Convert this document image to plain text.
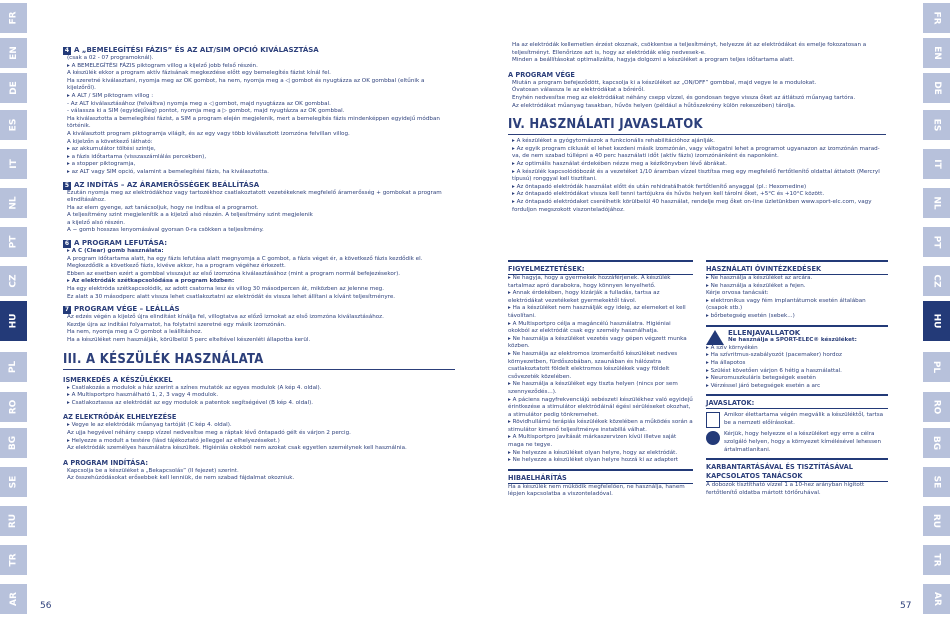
FR
EN
DE
ES
IT
NL
PT
CZ
HU
PL
RO
BG
SE
RU
TR
AR
FR
EN
DE
ES
IT
NL
PT
CZ
HU
PL
RO
BG
SE
RU
TR
AR
56	57
4 A „BEMELEGÍTÉSI FÁZIS” ÉS AZ ALT/SIM OPCIÓ KIVÁLASZTÁSA
(csak a 02 - 07 programoknál).
▸ A BEMELEGÍTÉSI FÁZIS piktogram villog a kijelző jobb felső részén.
A készülék ekkor a program aktív fázisának megkezdése előtt egy bemelegítés fázist kínál fel.
Ha szeretné kiválasztani, nyomja meg az OK gombot, ha nem, nyomja meg a ◁ gombot és nyugtázza az OK gombbal (eltűnik a kijelzőről).
▸ A ALT / SIM piktogram villog :
- Az ALT kiválasztásához (felváltva) nyomja meg a ◁ gombot, majd nyugtázza az OK gombbal.
- válassza ki a SIM (egyidejűleg) pontot, nyomja meg a ▷ gombot, majd nyugtázza az OK gombbal.
Ha kiválasztotta a bemelegítési fázist, a SIM a program elején megjelenik, mert a bemelegítés fázis mindenképpen egyidejű módban történik.
A kiválasztott program piktogramja világít, és az egy vagy több kiválasztott izomzóna felvillan villog.
A kijelzőn a következő látható:
▸ az akkumulátor töltési szintje,
▸ a fázis időtartama (visszaszámlálás percekben),
▸ a stopper piktogramja,
▸ az ALT vagy SIM opció, valamint a bemelegítési fázis, ha kiválasztotta.
5 AZ INDÍTÁS – AZ ÁRAMERŐSSÉGEK BEÁLLÍTÁSA
Ezután nyomja meg az elektródákhoz vagy tartozékhoz csatlakoztatott vezetékeknek megfelelő áramerősség + gombokat a program elindításához.
Ha az elem gyenge, azt tanácsoljuk, hogy ne indítsa el a programot.
A teljesítmény szint megjelenítik a a kijelző alsó részén. A teljesítmény szint megjelenik
a kijelző alsó részén.
A − gomb hosszas lenyomásával gyorsan 0-ra csökken a teljesítmény.
6 A PROGRAM LEFUTÁSA:
▸ A C (Clear) gomb használata:
A program időtartama alatt, ha egy fázis lefutása alatt megnyomja a C gombot, a fázis véget ér, a következő fázis kezdődik el.
Megkezdődik a következő fázis, kivéve akkor, ha a program végéhez érkezett.
Ebben az esetben ezért a gombbal visszajut az első izomzóna kiválasztásához (mint a program normál befejezésekor).
▸ Az elektródák szétkapcsolódása a program közben:
Ha egy elektróda szétkapcsolódik, az adott csatorna lesz és villog 30 másodpercen át, miközben az jelenne meg.
Ez alatt a 30 másodperc alatt vissza lehet csatlakoztatni az elektródát és vissza lehet állítani a kívánt teljesítményre.
7 PROGRAM VÉGE – LEÁLLÁS
Az edzés végén a kijelző újra elindítást kínálja fel, villogtatva az előző izmokat az első izomzóna kiválasztásához.
Kezdje újra az indítási folyamatot, ha folytatni szeretné egy másik izomzónán.
Ha nem, nyomja meg a ⏻ gombot a leállításhoz.
Ha a készüléket nem használják, körülbelül 5 perc elteltével készenléti állapotba kerül.
III. A KÉSZÜLÉK HASZNÁLATA
ISMERKEDÉS A KÉSZÜLÉKKEL
▸ Csatlakozás a modulok a ház szerint a színes mutatók az egyes modulok (A kép 4. oldal).
▸ A Multisportpro használható 1, 2, 3 vagy 4 modulok.
▸ Csatlakoztassa az elektródát az egy modulok a patentok segítségével (B kép 4. oldal).
AZ ELEKTRÓDÁK ELHELYEZÉSE
▸ Vegye le az elektródák műanyag tartóját (C kép 4. oldal).
Az ujja hegyével néhány csepp vízzel nedvesítse meg a ráptak lévő öntapadó gélt és várjon 2 percig.
▸ Helyezze a modult a testére (lásd tájékoztató jelleggel az elhelyezéseket.)
Az elektródák személyes használatra készültek. Higiéniás okokból nem azokat csak egyetlen személynek kell használnia.
A PROGRAM INDÍTÁSA:
Kapcsolja be a készüléket a „Bekapcsolás” (II fejezet) szerint.
Az összehúzódásokat erősebbek kell lenniük, de nem szabad fájdalmat okozniuk.
Ha az elektródák kellemetlen érzést okoznak, csökkentse a teljesítményt, helyezze át az elektródákat és emelje fokozatosan a teljesítményt. Ellenőrizze azt is, hogy az elektródák elég nedvesek-e.
Minden a beállításokat optimalizálta, hagyja dolgozni a készüléket a program teljes időtartama alatt.
A PROGRAM VÉGE
Miután a program befejeződött, kapcsolja ki a készüléket az „ON/OFF” gombbal, majd vegye le a modulokat.
Óvatosan válassza le az elektródákat a bőréről.
Enyhén nedvesítse meg az elektródákat néhány csepp vízzel, és gondosan tegye vissza őket az átlátszó műanyag tartóra.
Az elektródákat műanyag tasakban, hűvös helyen (például a hűtőszekrény külön rekeszében) tárolja.
IV. HASZNÁLATI JAVASLATOK
▸ A készüléket a gyógytornászok a funkcionális rehabilitációhoz ajánlják.
▸ Az egyik program ciklusát el lehet kezdeni másik izomzónán, vagy váltogatni lehet a programot ugyanazon az izomzónán marad-va, de nem szabad túllépni a 40 perc használati időt (aktív fázis) izomzónánként és naponként.
▸ Az optimális használat érdekében nézze meg a kézikönyvben lévő ábrákat.
▸ A készülék kapcsolódóbozát és a vezetéket 1/10 áramban vízzel tisztítsa meg egy megfelelő fertőtlenítő oldattal áttatott (Mercryl típusú) ronggyal kell tisztítani.
▸ Az öntapadó elektródák használat előtt és után rehidratálhatók fertőtlenítő anyaggal (pl.: Hexomedine)
▸ Az öntapadó elektródákat vissza kell tenni tartójukra és hűvös helyen kell tárolni őket, +5°C és +10°C között.
▸ Az öntapadó elektródaket cserélhetik körülbelül 40 használat, rendelje meg őket on-line üzletünkben www.sport-elc.com, vagy forduljon megszokott viszonteladójához.
FIGYELMEZTETÉSEK:
▸ Ne hagyja, hogy a gyermekek hozzáférjenek. A készülék tartalmaz apró darabokra, hogy könnyen lenyelhető.
▸ Annak érdekében, hogy kizárják a fulladás, tartsa az elektródákat vezetékeket gyermekektől távol.
▸ Ha a készüléket nem használják egy ideig, az elemeket el kell távolítani.
▸ A Multisportpro célja a magáncélú használatra. Higiéniai okokból az elektródát csak egy személy használhatja.
▸ Ne használja a készüléket vezetés vagy gépen végzett munka közben.
▸ Ne használja az elektromos izomerősítő készüléket nedves környezetben, fürdőszobában, szaunában és hálózatra csatlakoztatott földelt elektromos készülékek vagy földelt csővezeték közelében.
▸ Ne használja a készüléket egy tiszta helyen (nincs por sem szennyeződés...).
▸ A páciens nagyfrekvenciájú sebészeti készülékhez való egyidejű érintkezése a stimulátor elektródáinál égési sérüléseket okozhat, a stimulátor pedig tönkremehet.
▸ Rövidhullámú terápiás készülékek közelében a működés során a stimulátor kimenő teljesítménye instabillá válhat.
▸ A Multisportpro javítását márkaszervizen kívül illetve saját maga ne tegye.
▸ Ne helyezze a készüléket olyan helyre, hogy az elektródát.
▸ Ne helyezze a készüléket olyan helyre hozzá ki az adaptert
HIBAELHÁRÍTÁS
Ha a készülék nem működik megfelelően, ne használja, hanem lépjen kapcsolatba a viszonteladóval.
HASZNÁLATI ÓVINTÉZKEDÉSEK
▸ Ne használja a készüléket az arcára.
▸ Ne használja a készüléket a fejen.
Kérje orvosa tanácsát:
▸ elektronikus vagy fém implantátumok esetén általában (csapok stb.)
▸ bőrbetegség esetén (sebek...)
ELLENJAVALLATOK
Ne használja a SPORT-ELEC® készüléket:
▸ A szív környékén
▸ Ha szívritmus-szabályozót (pacemaker) hordoz
▸ Ha állapotos
▸ Szülést követően várjon 6 hétig a használattal.
▸ Neuromuszkuláris betegségek esetén
▸ Vérzéssel járó betegségek esetén a arc
JAVASLATOK:
Amikor élettartama végén megválik a készüléktől, tartsa be a nemzeti előírásokat.
Kérjük, hogy helyezze el a készüléket egy erre a célra szolgáló helyen, hogy a környezet kímélésével lehessen ártalmatlanítani.
KARBANTARTÁSÁVAL ÉS TISZTÍTÁSÁVAL KAPCSOLATOS TANÁCSOK
A dobozok tisztítható vízzel 1 a 10-hez arányban hígított fertőtlenítő oldatba mártott törlőruhával.
